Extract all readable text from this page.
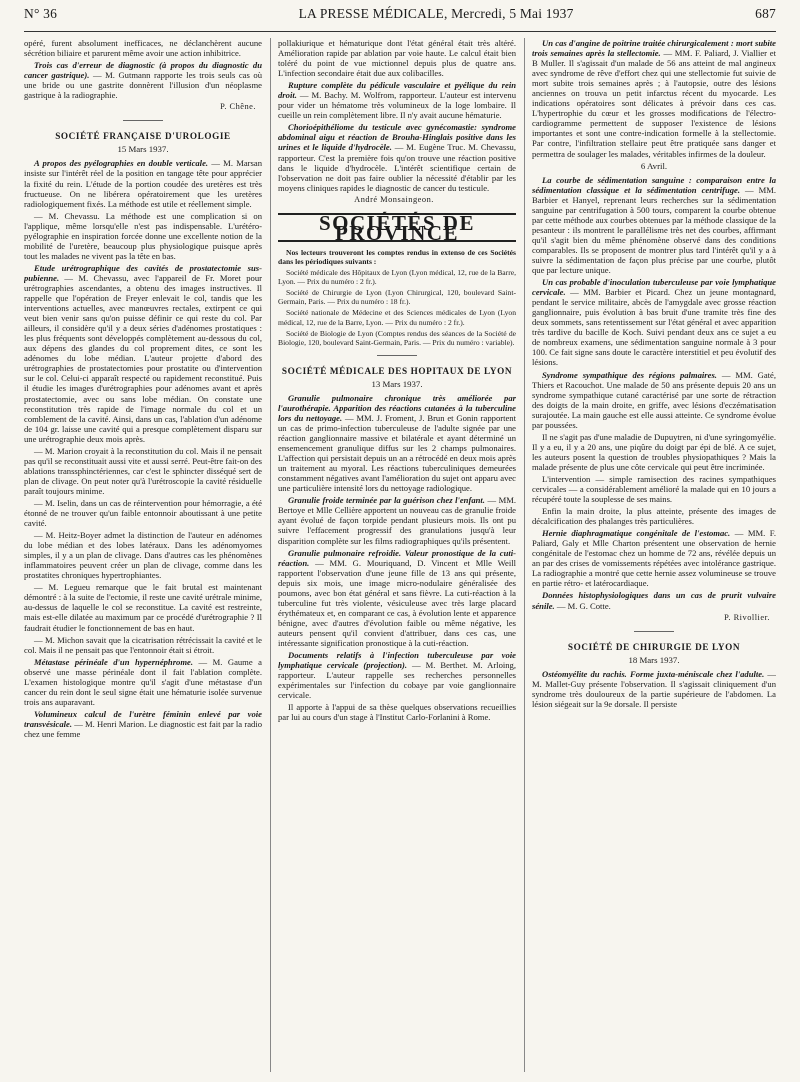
N° 36	LA PRESSE MÉDICALE, Mercredi, 5 Mai 1937	687

opéré, furent absolument inefficaces, ne déclanchèrent aucune sécrétion biliaire et parurent même avoir une action inhibitrice.

Trois cas d'erreur de diagnostic (à propos du diagnostic du cancer gastrique). — M. Gutmann rapporte les trois seuls cas où une bride ou une gastrite donnèrent l'illusion d'un néoplasme gastrique à la radiographie.

P. Chêne.

SOCIÉTÉ FRANÇAISE D'UROLOGIE
15 Mars 1937.

A propos des pyélographies en double verticale. — M. Marsan insiste sur l'intérêt réel de la position en tangage tête pour apprécier la fixité du rein. L'étude de la portion coudée des uretères est très fructueuse. On ne libérera opératoirement que les uretères radiologiquement fixés. La méthode est utile et réellement simple.

— M. Chevassu. La méthode est une complication si on l'applique, même lorsqu'elle n'est pas indispensable. L'urétéro-pyélographie en inspiration forcée donne une excellente notion de la mobilité de l'uretère, beaucoup plus physiologique puisque après tout les malades ne vivent pas la tête en bas.

Etude urétrographique des cavités de prostatectomie sus-pubienne. — M. Chevassu, avec l'appareil de Fr. Moret pour urétrographies ascendantes, a obtenu des images instructives. Il rappelle que l'opération de Freyer enlevait le col, tandis que les interventions actuelles, avec manœuvres rectales, extirpent ce qui veut bien venir sans qu'on puisse définir ce qui reste du col. Par ailleurs, il considère qu'il y a deux séries d'adénomes prostatiques : les plus fréquents sont développés complètement au-dessous du col, aux dépens des glandes du col proprement dites, ce sont les adénomes du lobe médian. L'auteur projette d'abord des urétrographies de prostatectomies pour prostatite ou d'intervention sur le col. Celui-ci apparaît respecté ou rapidement reconstitué. Puis il étudie les images d'urétrographies pour adénomes avant et après prostatectomie, avec ou sans lobe médian. On constate une reconstitution très rapide de l'image normale du col et un comblement de la cavité. Ainsi, dans un cas, l'ablation d'un adénome de 104 gr. laisse une cavité qui a presque complètement disparu sur une urétrographie deux mois après.

— M. Marion croyait à la reconstitution du col. Mais il ne pensait pas qu'il se reconstituait aussi vite et aussi serré. Peut-être fait-on des ablations transsphinctériennes, car c'est le sphincter disséqué sert de plan de clivage. On peut noter qu'à l'urétroscopie la cavité résiduelle paraît toujours minime.

— M. Iselin, dans un cas de réintervention pour hémorragie, a été étonné de ne trouver qu'un faible entonnoir aboutissant à une petite cavité.

— M. Heitz-Boyer admet la distinction de l'auteur en adénomes du lobe médian et des lobes latéraux. Dans les adénomyomes simples, il y a un plan de clivage. Dans d'autres cas les phénomènes inflammatoires peuvent créer un plan de clivage, comme dans les prostatites chroniques hypertrophiantes.

— M. Legueu remarque que le fait brutal est maintenant démontré : à la suite de l'ectomie, il reste une cavité urétrale minime, au-dessus de laquelle le col se reconstitue. La cavité est restreinte, mais est-elle dilatée au maximum par ce procédé d'urétrographie ? Il faudrait étudier le fonctionnement de bas en haut.

— M. Michon savait que la cicatrisation rétrécissait la cavité et le col. Mais il ne pensait pas que l'entonnoir était si étroit.

Métastase périnéale d'un hypernéphrome. — M. Gaume a observé une masse périnéale dont il fait l'ablation complète. L'examen histologique montre qu'il s'agit d'une métastase d'un cancer du rein dont le seul signe était une hématurie isolée survenue trois ans auparavant.

Volumineux calcul de l'urètre féminin enlevé par voie transvésicale. — M. Henri Marion. Le diagnostic est fait par la radio chez une femme

pollakiurique et hématurique dont l'état général était très altéré. Amélioration rapide par ablation par voie haute. Le calcul était bien toléré du point de vue mictionnel depuis plus de quatre ans. L'infection secondaire était due aux colibacilles.

Rupture complète du pédicule vasculaire et pyélique du rein droit. — M. Bachy. M. Wolfrom, rapporteur. L'auteur est intervenu pour vider un hématome très volumineux de la loge lombaire. Il cueille un rein complètement libre. Il n'y avait aucune hématurie.

Chorioépithéliome du testicule avec gynécomastie: syndrome abdominal aigu et réaction de Brouha-Hinglais positive dans les urines et le liquide d'hydrocèle. — M. Eugène Truc. M. Chevassu, rapporteur. C'est la première fois qu'on trouve une réaction positive dans le liquide d'hydrocèle. L'intérêt scientifique certain de l'observation ne doit pas faire oublier la nécessité d'établir par les moyens cliniques rapides le diagnostic de cancer du testicule.

André Monsaingeon.

SOCIÉTÉS DE PROVINCE

Nos lecteurs trouveront les comptes rendus in extenso de ces Sociétés dans les périodiques suivants :

Société médicale des Hôpitaux de Lyon (Lyon médical, 12, rue de la Barre, Lyon. — Prix du numéro : 2 fr.).

Société de Chirurgie de Lyon (Lyon Chirurgical, 120, boulevard Saint-Germain, Paris. — Prix du numéro : 18 fr.).

Société nationale de Médecine et des Sciences médicales de Lyon (Lyon médical, 12, rue de la Barre, Lyon. — Prix du numéro : 2 fr.).

Société de Biologie de Lyon (Comptes rendus des séances de la Société de Biologie, 120, boulevard Saint-Germain, Paris. — Prix du numéro : variable).

SOCIÉTÉ MÉDICALE DES HOPITAUX DE LYON
13 Mars 1937.

Granulie pulmonaire chronique très améliorée par l'aurothérapie. Apparition des réactions cutanées à la tuberculine lors du nettoyage. — MM. J. Froment, J. Brun et Gonin rapportent un cas de primo-infection tuberculeuse de l'adulte signée par une réaction ganglionnaire massive et bilatérale et ayant déterminé un ensemencement granulique diffus sur les 2 champs pulmonaires. L'affection qui persistait depuis un an a rétrocédé en deux mois après un traitement au myoral. Les réactions tuberculiniques demeurées constamment négatives avant l'amélioration du sujet ont apparu avec une particulière intensité lors du nettoyage radiologique.

Granulie froide terminée par la guérison chez l'enfant. — MM. Bertoye et Mlle Cellière apportent un nouveau cas de granulie froide ayant évolué de façon torpide pendant plusieurs mois. Ils ont pu suivre l'effacement progressif des granulations jusqu'à leur disparition complète sur les films radiographiques qu'ils présentent.

Granulie pulmonaire refroidie. Valeur pronostique de la cuti-réaction. — MM. G. Mouriquand, D. Vincent et Mlle Weill rapportent l'observation d'une jeune fille de 13 ans qui présente, depuis six mois, une image micro-nodulaire généralisée des poumons, avec bon état général et sans fièvre. La cuti-réaction à la tuberculine fut très violente, vésiculeuse avec très large placard érythémateux et, en comparant ce cas, à évolution lente et apparence bénigne, avec d'autres d'évolution faible ou même négative, les auteurs pensent qu'il convient d'attribuer, dans ces cas, une intéressante signification pronostique à la cuti-réaction.

Documents relatifs à l'infection tuberculeuse par voie lymphatique cervicale (projection). — M. Berthet. M. Arloing, rapporteur. L'auteur rappelle ses recherches personnelles expérimentales sur l'infection du cobaye par voie ganglionnaire cervicale.

Il apporte à l'appui de sa thèse quelques observations recueillies par lui au cours d'un stage à l'Institut Carlo-Forlanini à Rome.

Un cas d'angine de poitrine traitée chirurgicalement : mort subite trois semaines après la stellectomie. — MM. F. Paliard, J. Viallier et B Muller. Il s'agissait d'un malade de 56 ans atteint de mal angineux avec syndrome de rêve d'effort chez qui une stellectomie fut suivie de mort subite trois semaines après ; à l'autopsie, outre des lésions anciennes on trouva un petit infarctus récent du myocarde. Les indications opératoires sont délicates à prévoir dans ces cas. L'hypertrophie du cœur et les grosses modifications de l'électro-cardiogramme permettent de supposer l'existence de lésions importantes et sont une contre-indication formelle à la stellectomie. Par contre, l'infiltration stellaire peut être pratiquée sans danger et permettra de soulager les malades, véritables infirmes de la douleur.

6 Avril.

La courbe de sédimentation sanguine : comparaison entre la sédimentation classique et la sédimentation centrifuge. — MM. Barbier et Hanyel, reprenant leurs recherches sur la sédimentation sanguine par centrifugation à 500 tours, comparent la courbe obtenue par cette méthode aux courbes obtenues par la méthode classique de la pesanteur : ils montrent le parallélisme très net des courbes, affirmant qu'il s'agit bien du même phénomène observé dans des conditions comparables. Ils se proposent de montrer plus tard l'intérêt qu'il y a à suivre la sédimentation de façon plus précise par une courbe, plutôt que par lecture unique.

Un cas probable d'inoculation tuberculeuse par voie lymphatique cervicale. — MM. Barbier et Picard. Chez un jeune montagnard, pendant le service militaire, abcès de l'amygdale avec grosse réaction ganglionnaire, puis évolution à bas bruit d'une tramite très fine des deux sommets, sans retentissement sur l'état général et avec apparition très tardive du bacille de Koch. Suivi pendant deux ans ce sujet a eu de nombreux examens, une sédimentation sanguine normale à 3 pour 100. Ce fait signe sans doute le caractère interstitiel et peu évolutif des lésions.

Syndrome sympathique des régions palmaires. — MM. Gaté, Thiers et Racouchot. Une malade de 50 ans présente depuis 20 ans un syndrome sympathique cutané caractérisé par une sorte de rétraction des doigts de la main droite, en griffe, avec lésions d'eczématisation surajoutée. La main gauche est elle aussi atteinte. Ce syndrome évolue par poussées.

Il ne s'agit pas d'une maladie de Dupuytren, ni d'une syringomyélie. Il y a eu, il y a 20 ans, une piqûre du doigt par épi de blé. A ce sujet, les auteurs posent la question de troubles physiopathiques ? Mais la malade présente de plus une côte cervicale qui peut être incriminée.

L'intervention — simple ramisection des racines sympathiques cervicales — a considérablement amélioré la malade qui en 10 jours a récupéré toute la souplesse de ses mains.

Enfin la main droite, la plus atteinte, présente des images de décalcification des phalanges très particulières.

Hernie diaphragmatique congénitale de l'estomac. — MM. F. Paliard, Galy et Mlle Charton présentent une observation de hernie congénitale de l'estomac chez un homme de 72 ans, révélée depuis un an par des crises de vomissements répétées avec intolérance gastrique. La radiographie a montré que cette hernie assez volumineuse se trouve en partie rétro- et latérocardiaque.

Données histophysiologiques dans un cas de prurit vulvaire sénile. — M. G. Cotte.

P. Rivollier.

SOCIÉTÉ DE CHIRURGIE DE LYON
18 Mars 1937.

Ostéomyélite du rachis. Forme juxta-méniscale chez l'adulte. — M. Mallet-Guy présente l'observation. Il s'agissait cliniquement d'un syndrome très douloureux de la partie supérieure de l'abdomen. La lésion siégeait sur la 9e dorsale. Il persiste
